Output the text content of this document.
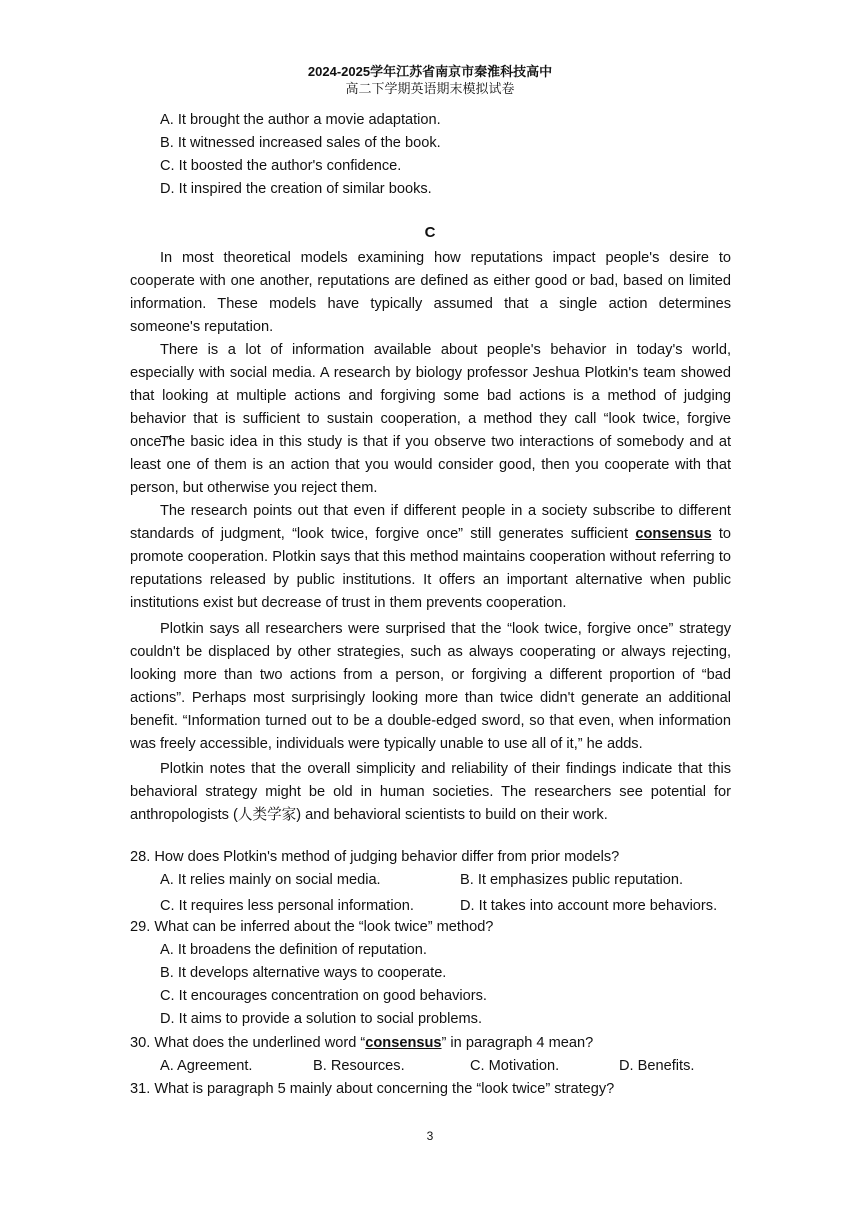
2024-2025学年江苏省南京市秦淮科技高中
高二下学期英语期末模拟试卷
A. It brought the author a movie adaptation.
B. It witnessed increased sales of the book.
C. It boosted the author's confidence.
D. It inspired the creation of similar books.
C
In most theoretical models examining how reputations impact people's desire to cooperate with one another, reputations are defined as either good or bad, based on limited information. These models have typically assumed that a single action determines someone's reputation.
There is a lot of information available about people's behavior in today's world, especially with social media. A research by biology professor Jeshua Plotkin's team showed that looking at multiple actions and forgiving some bad actions is a method of judging behavior that is sufficient to sustain cooperation, a method they call “look twice, forgive once.”
The basic idea in this study is that if you observe two interactions of somebody and at least one of them is an action that you would consider good, then you cooperate with that person, but otherwise you reject them.
The research points out that even if different people in a society subscribe to different standards of judgment, “look twice, forgive once” still generates sufficient consensus to promote cooperation. Plotkin says that this method maintains cooperation without referring to reputations released by public institutions. It offers an important alternative when public institutions exist but decrease of trust in them prevents cooperation.
Plotkin says all researchers were surprised that the “look twice, forgive once” strategy couldn't be displaced by other strategies, such as always cooperating or always rejecting, looking more than two actions from a person, or forgiving a different proportion of “bad actions”. Perhaps most surprisingly looking more than twice didn't generate an additional benefit. “Information turned out to be a double-edged sword, so that even, when information was freely accessible, individuals were typically unable to use all of it,” he adds.
Plotkin notes that the overall simplicity and reliability of their findings indicate that this behavioral strategy might be old in human societies. The researchers see potential for anthropologists (人类学家) and behavioral scientists to build on their work.
28. How does Plotkin's method of judging behavior differ from prior models?
A. It relies mainly on social media.	B. It emphasizes public reputation.
C. It requires less personal information.	D. It takes into account more behaviors.
29. What can be inferred about the “look twice” method?
A. It broadens the definition of reputation.
B. It develops alternative ways to cooperate.
C. It encourages concentration on good behaviors.
D. It aims to provide a solution to social problems.
30. What does the underlined word “consensus” in paragraph 4 mean?
A. Agreement.	B. Resources.	C. Motivation.	D. Benefits.
31. What is paragraph 5 mainly about concerning the “look twice” strategy?
3
